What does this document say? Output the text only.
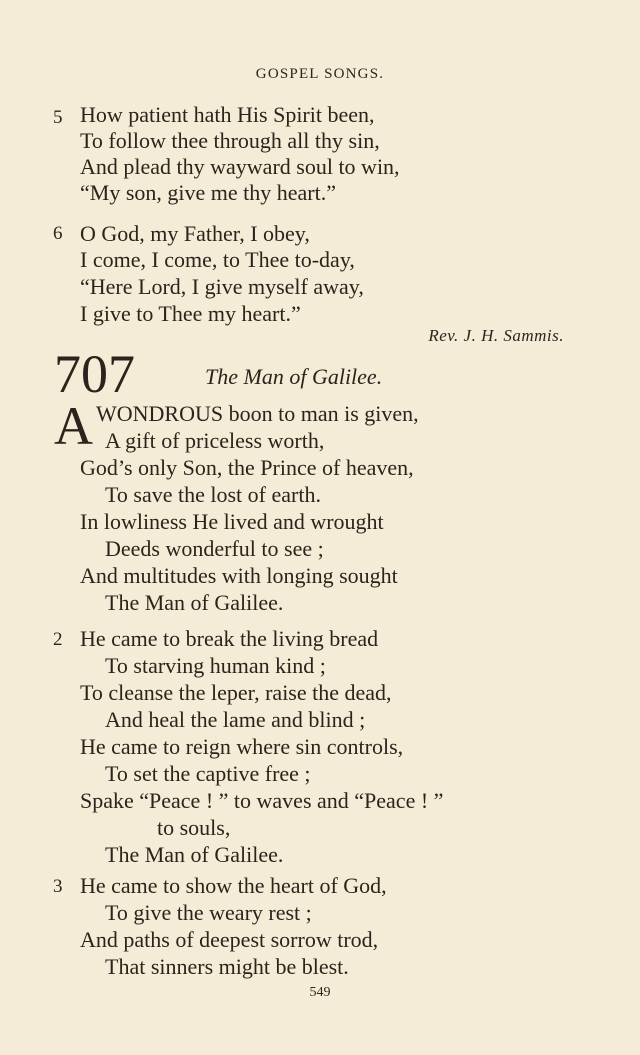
GOSPEL SONGS.
5 How patient hath His Spirit been,
To follow thee through all thy sin,
And plead thy wayward soul to win,
“My son, give me thy heart.”
6 O God, my Father, I obey,
I come, I come, to Thee to-day,
“Here Lord, I give myself away,
I give to Thee my heart.”
Rev. J. H. Sammis.
707	The Man of Galilee.
A WONDROUS boon to man is given,
A gift of priceless worth,
God’s only Son, the Prince of heaven,
To save the lost of earth.
In lowliness He lived and wrought
Deeds wonderful to see ;
And multitudes with longing sought
The Man of Galilee.
2 He came to break the living bread
To starving human kind ;
To cleanse the leper, raise the dead,
And heal the lame and blind ;
He came to reign where sin controls,
To set the captive free ;
Spake “Peace ! ” to waves and “Peace ! ”
to souls,
The Man of Galilee.
3 He came to show the heart of God,
To give the weary rest ;
And paths of deepest sorrow trod,
That sinners might be blest.
549
